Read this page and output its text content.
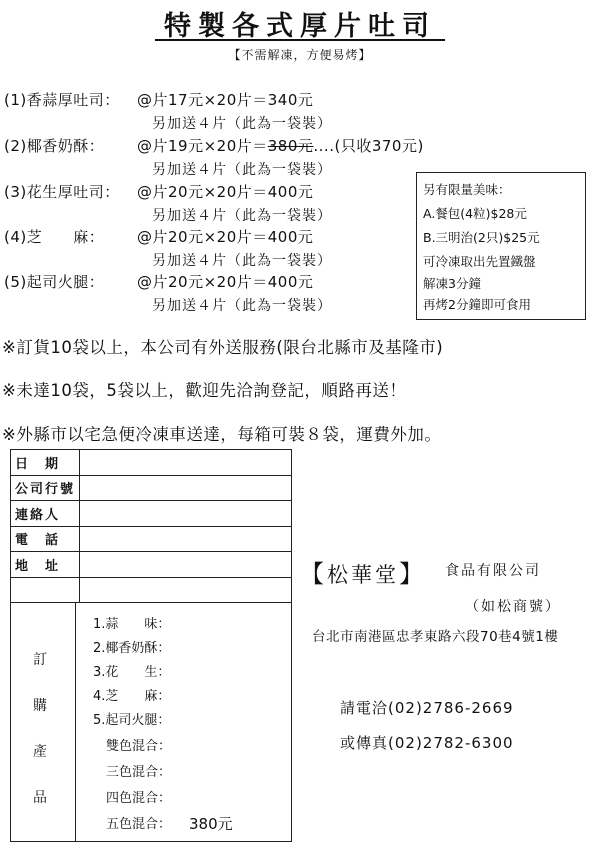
特製各式厚片吐司
【不需解凍，方便易烤】
(1)香蒜厚吐司： @片17元×20片＝340元
另加送４片（此為一袋裝）
(2)椰香奶酥： @片19元×20片＝380元....(只收370元)
另加送４片（此為一袋裝）
(3)花生厚吐司： @片20元×20片＝400元
另加送４片（此為一袋裝）
(4)芝　　麻： @片20元×20片＝400元
另加送４片（此為一袋裝）
(5)起司火腿： @片20元×20片＝400元
另加送４片（此為一袋裝）
另有限量美味：
A.餐包(4粒)$28元
B.三明治(2只)$25元
可冷凍取出先置鐵盤
解凍3分鐘
再烤2分鐘即可食用
※訂貨10袋以上，本公司有外送服務(限台北縣市及基隆市)
※未達10袋，5袋以上，歡迎先洽詢登記，順路再送！
※外縣市以宅急便冷凍車送達，每箱可裝８袋，運費外加。
日　期	
公司行號	
連絡人	
電　話	
地　址	

訂
購
產
品
1.蒜　　味：
2.椰香奶酥：
3.花　　生：
4.芝　　麻：
5.起司火腿：
　雙色混合：
　三色混合：
　四色混合：
　五色混合： 380元
【松華堂】 食品有限公司
（如松商號）
台北市南港區忠孝東路六段70巷4號1樓
請電洽(02)2786-2669
或傳真(02)2782-6300
